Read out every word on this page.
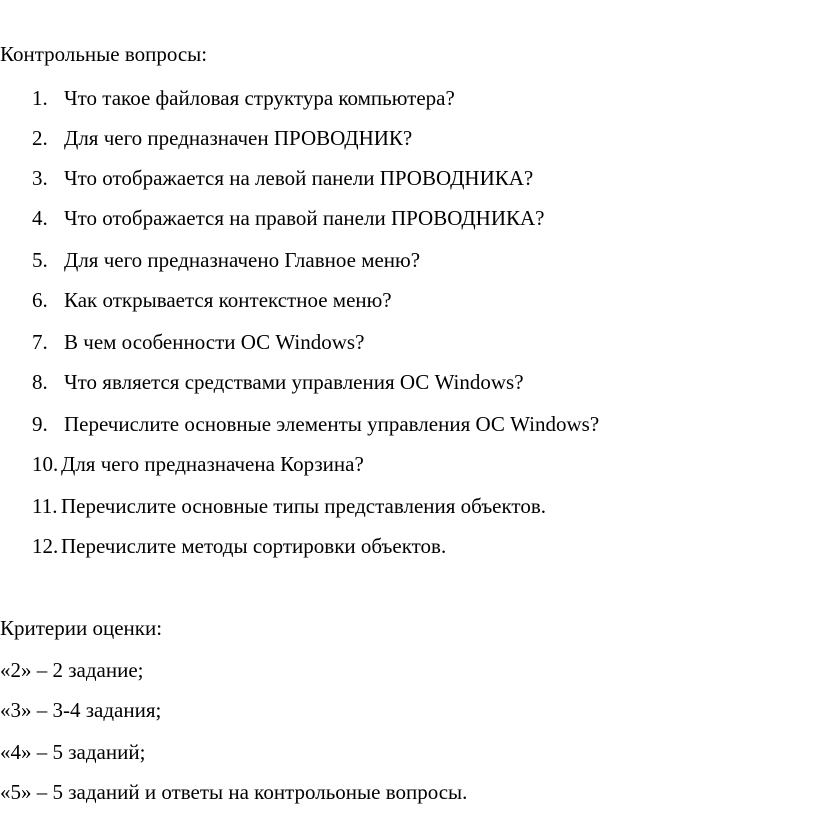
Контрольные вопросы:
1. Что такое файловая структура компьютера?
2. Для чего предназначен ПРОВОДНИК?
3. Что отображается на левой панели ПРОВОДНИКА?
4. Что отображается на правой панели ПРОВОДНИКА?
5. Для чего предназначено Главное меню?
6. Как открывается контекстное меню?
7. В чем особенности ОС Windows?
8. Что является средствами управления ОС Windows?
9. Перечислите основные элементы управления ОС Windows?
10. Для чего предназначена Корзина?
11. Перечислите основные типы представления объектов.
12. Перечислите методы сортировки объектов.
Критерии оценки:
«2» – 2 задание;
«3» – 3-4 задания;
«4» – 5 заданий;
«5» – 5 заданий и ответы на контрольоные вопросы.
